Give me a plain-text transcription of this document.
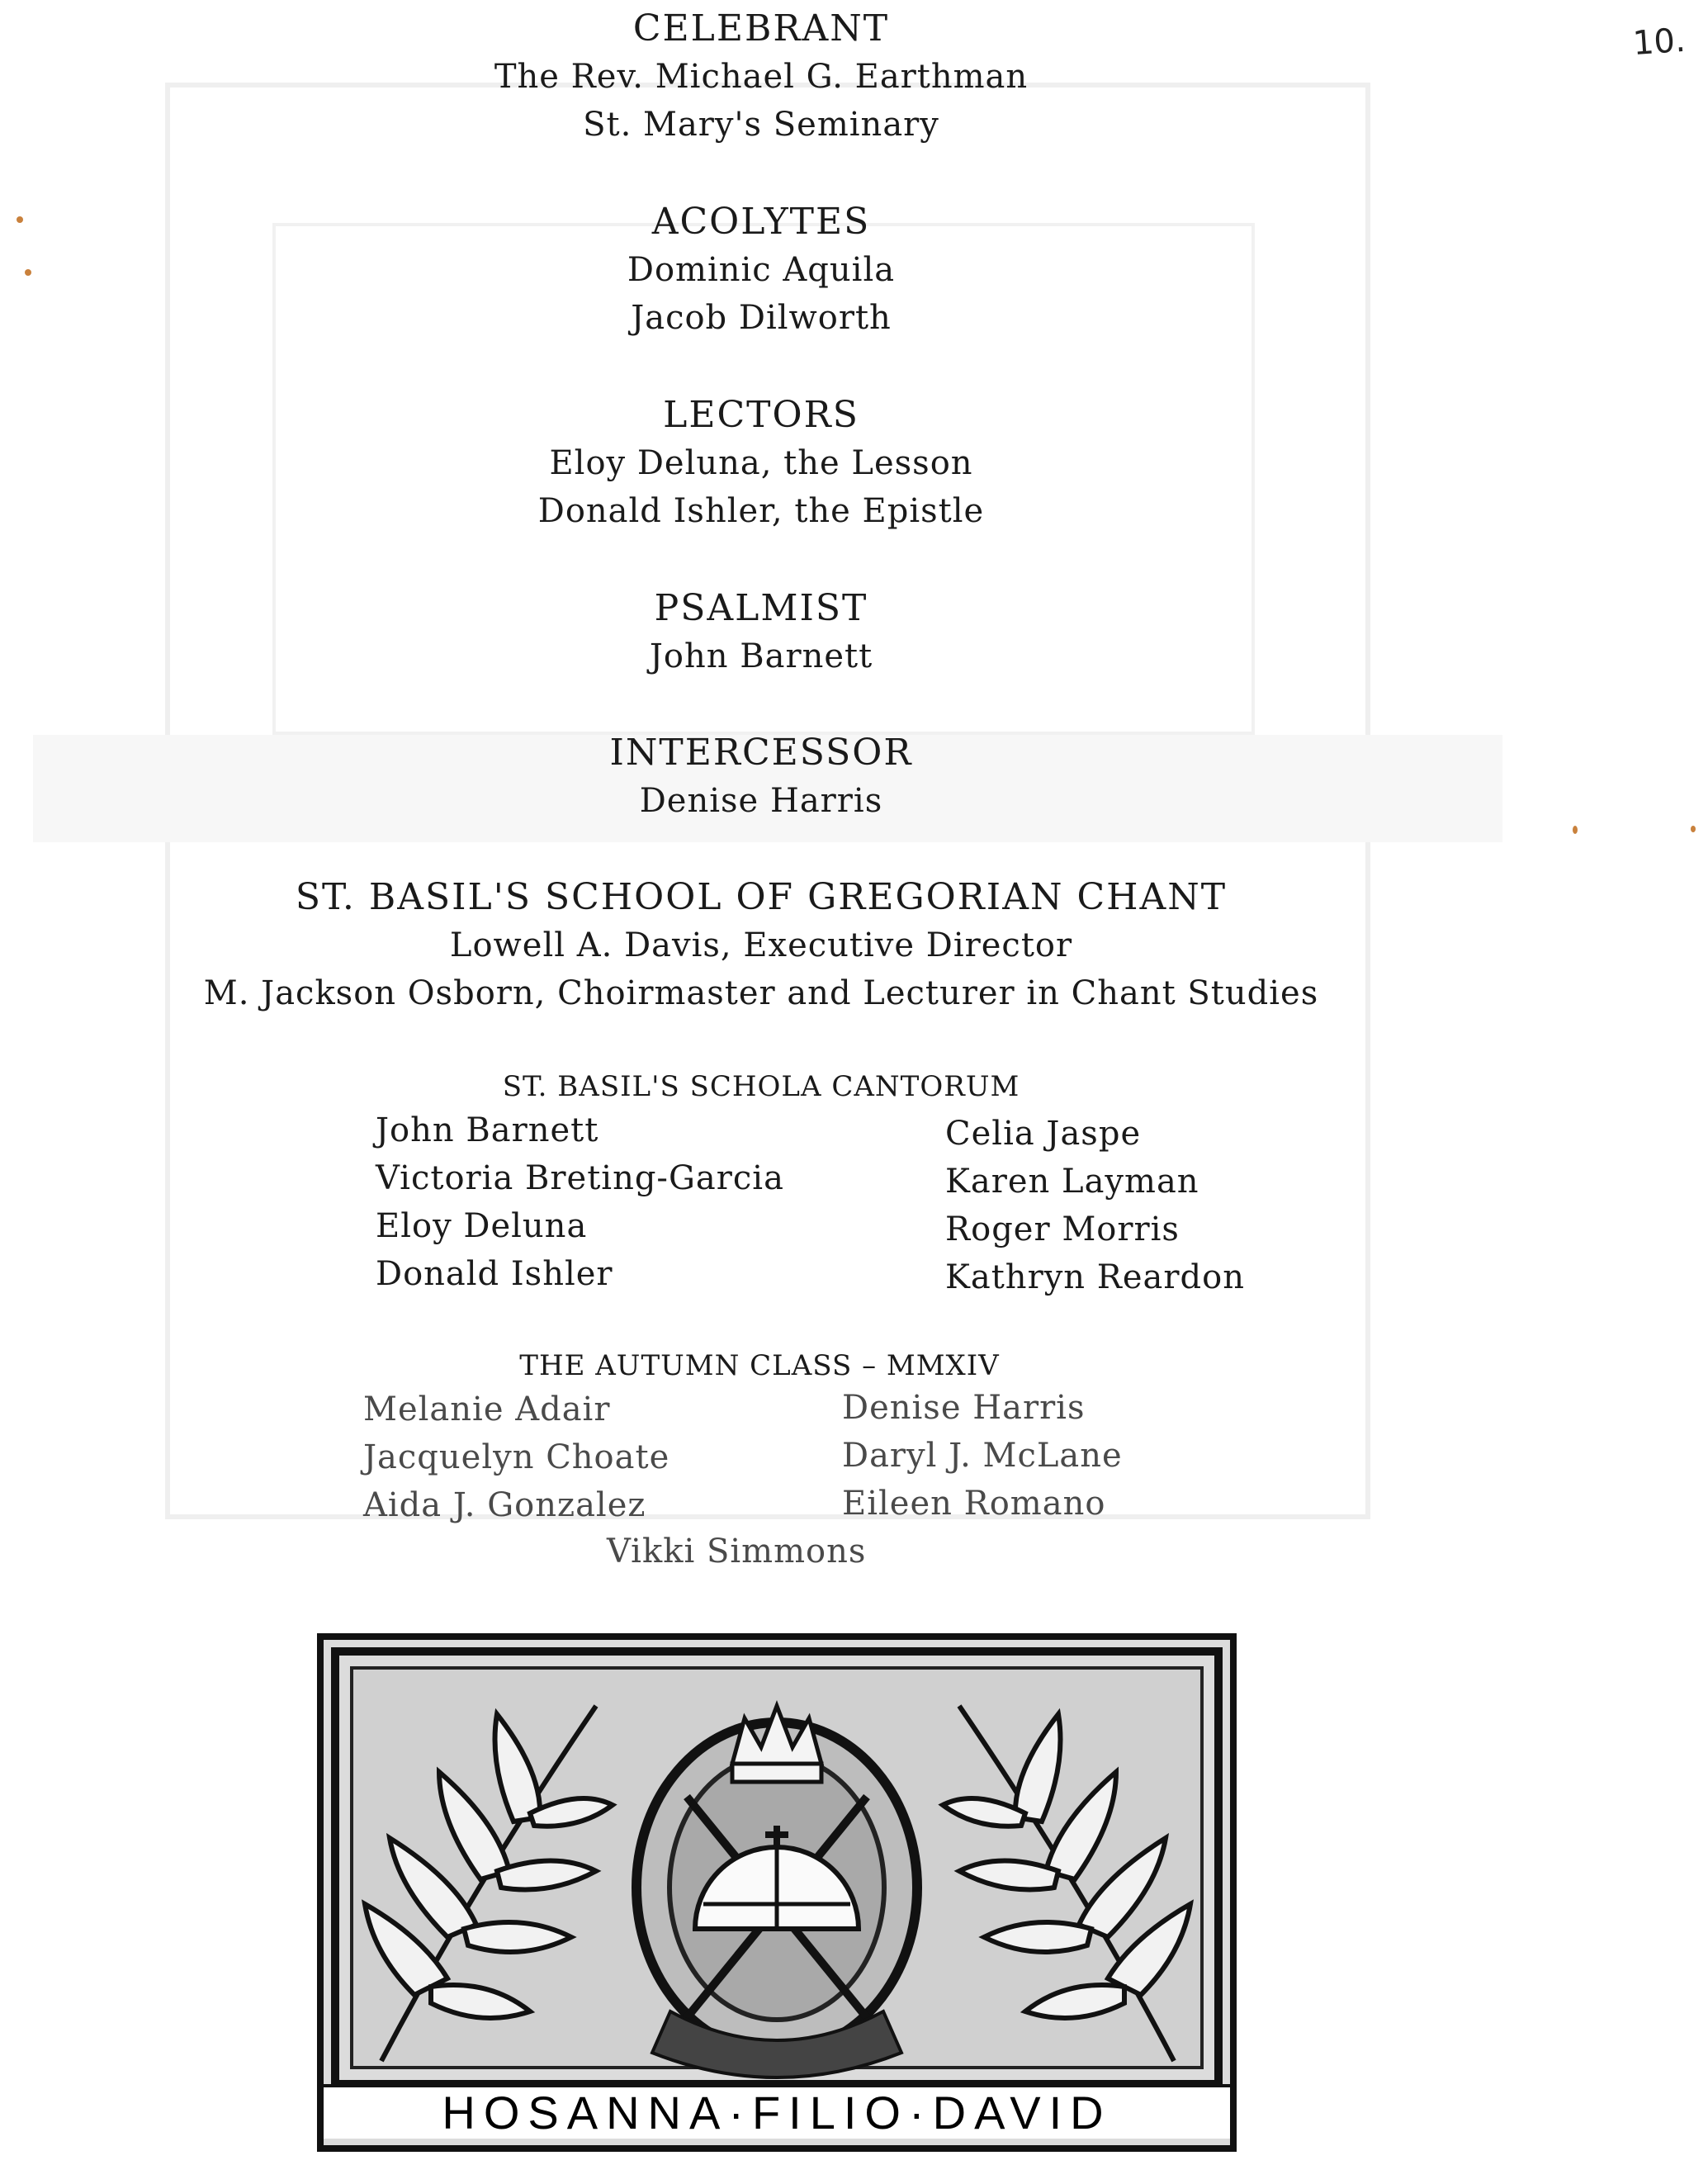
10.
CELEBRANT
The Rev. Michael G. Earthman
St. Mary's Seminary
ACOLYTES
Dominic Aquila
Jacob Dilworth
LECTORS
Eloy Deluna, the Lesson
Donald Ishler, the Epistle
PSALMIST
John Barnett
INTERCESSOR
Denise Harris
ST. BASIL'S SCHOOL OF GREGORIAN CHANT
Lowell A. Davis, Executive Director
M. Jackson Osborn, Choirmaster and Lecturer in Chant Studies
ST. BASIL'S SCHOLA CANTORUM
John Barnett
Victoria Breting-Garcia
Eloy Deluna
Donald Ishler
Celia Jaspe
Karen Layman
Roger Morris
Kathryn Reardon
THE AUTUMN CLASS – MMXIV
Melanie Adair
Jacquelyn Choate
Aida J. Gonzalez
Denise Harris
Daryl J. McLane
Eileen Romano
Vikki Simmons
HOSANNA·FILIO·DAVID
